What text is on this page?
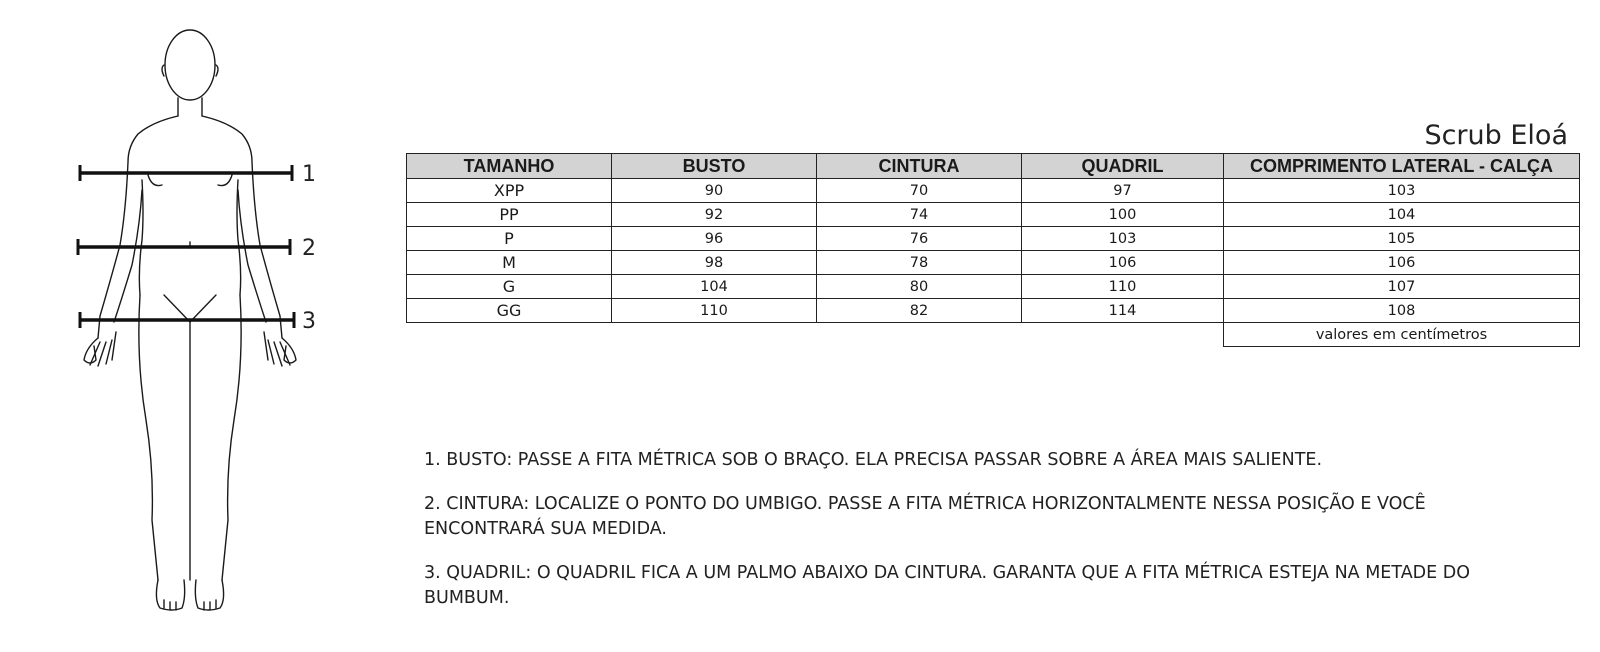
1
2
3
Scrub Eloá
TAMANHO	BUSTO	CINTURA	QUADRIL	COMPRIMENTO LATERAL - CALÇA
XPP	90	70	97	103
PP	92	74	100	104
P	96	76	103	105
M	98	78	106	106
G	104	80	110	107
GG	110	82	114	108
				valores em centímetros

1. BUSTO: PASSE A FITA MÉTRICA SOB O BRAÇO. ELA PRECISA PASSAR SOBRE A ÁREA MAIS SALIENTE.

2. CINTURA: LOCALIZE O PONTO DO UMBIGO. PASSE A FITA MÉTRICA HORIZONTALMENTE NESSA POSIÇÃO E VOCÊ ENCONTRARÁ SUA MEDIDA.

3. QUADRIL: O QUADRIL FICA A UM PALMO ABAIXO DA CINTURA. GARANTA QUE A FITA MÉTRICA ESTEJA NA METADE DO BUMBUM.
